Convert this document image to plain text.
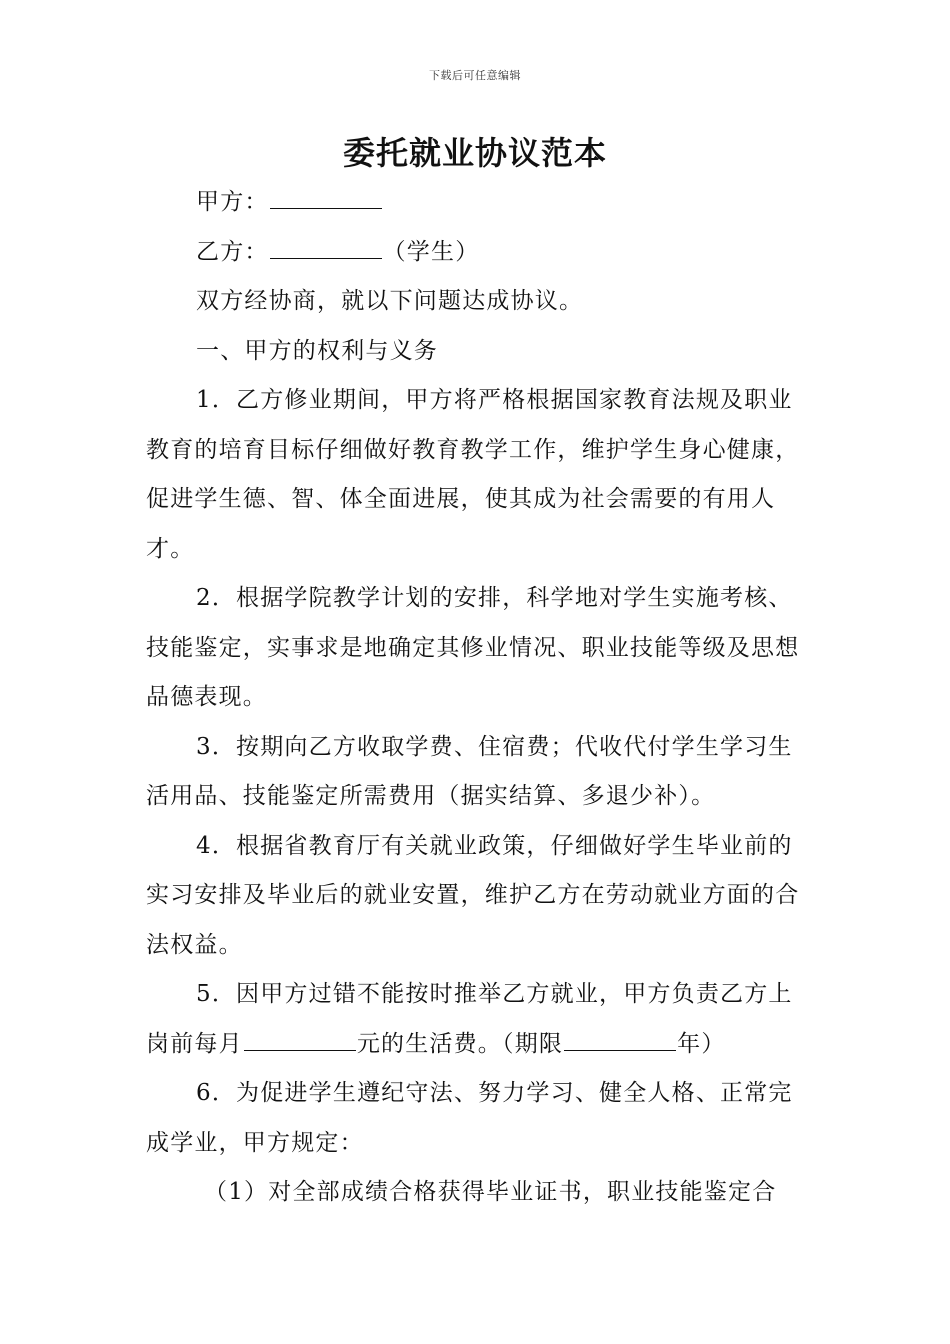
下载后可任意编辑
委托就业协议范本

甲方：

乙方：	（学生）

双方经协商，就以下问题达成协议。

一、甲方的权利与义务

1．乙方修业期间，甲方将严格根据国家教育法规及职业教育的培育目标仔细做好教育教学工作，维护学生身心健康，促进学生德、智、体全面进展，使其成为社会需要的有用人才。

2．根据学院教学计划的安排，科学地对学生实施考核、技能鉴定，实事求是地确定其修业情况、职业技能等级及思想品德表现。

3．按期向乙方收取学费、住宿费；代收代付学生学习生活用品、技能鉴定所需费用（据实结算、多退少补）。

4．根据省教育厅有关就业政策，仔细做好学生毕业前的实习安排及毕业后的就业安置，维护乙方在劳动就业方面的合法权益。

5．因甲方过错不能按时推举乙方就业，甲方负责乙方上岗前每月	元的生活费。（期限	年）

6．为促进学生遵纪守法、努力学习、健全人格、正常完成学业，甲方规定：

（1）对全部成绩合格获得毕业证书，职业技能鉴定合
